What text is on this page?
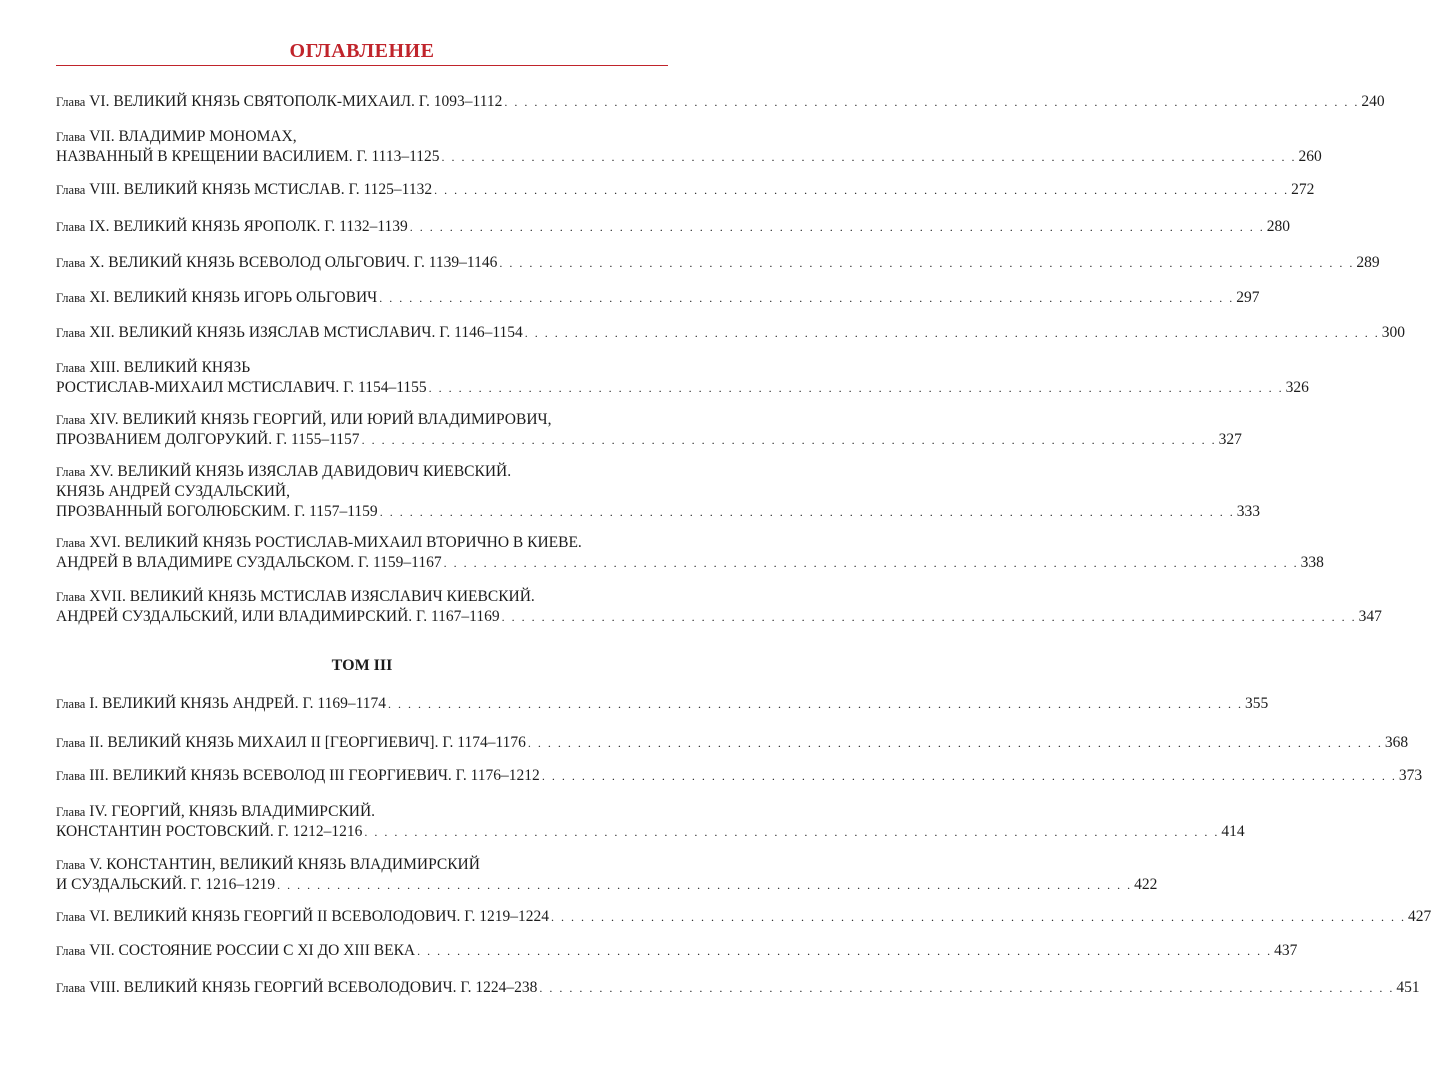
ОГЛАВЛЕНИЕ
Глава VI. ВЕЛИКИЙ КНЯЗЬ СВЯТОПОЛК-МИХАИЛ. Г. 1093–1112 . . . . . . . . . . . . . . . . . . . . . . . . . . . . . . . . . . . . . . . . . . . . . . . . . . . . . . . . . . . . . . . . . . . . . . . . . . . . . . . . . . . . . . 240
Глава VII. ВЛАДИМИР МОНОМАХ,
НАЗВАННЫЙ В КРЕЩЕНИИ ВАСИЛИЕМ. Г. 1113–1125 . . . . . . . . . . . . . . . . . . . . . . . . . . . . . . . . . . . . . . . . . . . . . . . . . . . . . . . . . . . . . . . . . . . . . . . . . . . . . . . . . . . . . . 260
Глава VIII. ВЕЛИКИЙ КНЯЗЬ МСТИСЛАВ. Г. 1125–1132 . . . . . . . . . . . . . . . . . . . . . . . . . . . . . . . . . . . . . . . . . . . . . . . . . . . . . . . . . . . . . . . . . . . . . . . . . . . . . . . . . . . . . . 272
Глава IX. ВЕЛИКИЙ КНЯЗЬ ЯРОПОЛК. Г. 1132–1139 . . . . . . . . . . . . . . . . . . . . . . . . . . . . . . . . . . . . . . . . . . . . . . . . . . . . . . . . . . . . . . . . . . . . . . . . . . . . . . . . . . . . . . 280
Глава X. ВЕЛИКИЙ КНЯЗЬ ВСЕВОЛОД ОЛЬГОВИЧ. Г. 1139–1146 . . . . . . . . . . . . . . . . . . . . . . . . . . . . . . . . . . . . . . . . . . . . . . . . . . . . . . . . . . . . . . . . . . . . . . . . . . . . . . . . . . . . . . 289
Глава XI. ВЕЛИКИЙ КНЯЗЬ ИГОРЬ ОЛЬГОВИЧ . . . . . . . . . . . . . . . . . . . . . . . . . . . . . . . . . . . . . . . . . . . . . . . . . . . . . . . . . . . . . . . . . . . . . . . . . . . . . . . . . . . . . . 297
Глава XII. ВЕЛИКИЙ КНЯЗЬ ИЗЯСЛАВ МСТИСЛАВИЧ. Г. 1146–1154 . . . . . . . . . . . . . . . . . . . . . . . . . . . . . . . . . . . . . . . . . . . . . . . . . . . . . . . . . . . . . . . . . . . . . . . . . . . . . . . . . . . . . . 300
Глава XIII. ВЕЛИКИЙ КНЯЗЬ
РОСТИСЛАВ-МИХАИЛ МСТИСЛАВИЧ. Г. 1154–1155 . . . . . . . . . . . . . . . . . . . . . . . . . . . . . . . . . . . . . . . . . . . . . . . . . . . . . . . . . . . . . . . . . . . . . . . . . . . . . . . . . . . . . . 326
Глава XIV. ВЕЛИКИЙ КНЯЗЬ ГЕОРГИЙ, ИЛИ ЮРИЙ ВЛАДИМИРОВИЧ,
ПРОЗВАНИЕМ ДОЛГОРУКИЙ. Г. 1155–1157 . . . . . . . . . . . . . . . . . . . . . . . . . . . . . . . . . . . . . . . . . . . . . . . . . . . . . . . . . . . . . . . . . . . . . . . . . . . . . . . . . . . . . . 327
Глава XV. ВЕЛИКИЙ КНЯЗЬ ИЗЯСЛАВ ДАВИДОВИЧ КИЕВСКИЙ.
КНЯЗЬ АНДРЕЙ СУЗДАЛЬСКИЙ,
ПРОЗВАННЫЙ БОГОЛЮБСКИМ. Г. 1157–1159 . . . . . . . . . . . . . . . . . . . . . . . . . . . . . . . . . . . . . . . . . . . . . . . . . . . . . . . . . . . . . . . . . . . . . . . . . . . . . . . . . . . . . . 333
Глава XVI. ВЕЛИКИЙ КНЯЗЬ РОСТИСЛАВ-МИХАИЛ ВТОРИЧНО В КИЕВЕ.
АНДРЕЙ В ВЛАДИМИРЕ СУЗДАЛЬСКОМ. Г. 1159–1167 . . . . . . . . . . . . . . . . . . . . . . . . . . . . . . . . . . . . . . . . . . . . . . . . . . . . . . . . . . . . . . . . . . . . . . . . . . . . . . . . . . . . . . 338
Глава XVII. ВЕЛИКИЙ КНЯЗЬ МСТИСЛАВ ИЗЯСЛАВИЧ КИЕВСКИЙ.
АНДРЕЙ СУЗДАЛЬСКИЙ, ИЛИ ВЛАДИМИРСКИЙ. Г. 1167–1169 . . . . . . . . . . . . . . . . . . . . . . . . . . . . . . . . . . . . . . . . . . . . . . . . . . . . . . . . . . . . . . . . . . . . . . . . . . . . . . . . . . . . . . 347
ТОМ III
Глава I. ВЕЛИКИЙ КНЯЗЬ АНДРЕЙ. Г. 1169–1174 . . . . . . . . . . . . . . . . . . . . . . . . . . . . . . . . . . . . . . . . . . . . . . . . . . . . . . . . . . . . . . . . . . . . . . . . . . . . . . . . . . . . . . 355
Глава II. ВЕЛИКИЙ КНЯЗЬ МИХАИЛ II [ГЕОРГИЕВИЧ]. Г. 1174–1176 . . . . . . . . . . . . . . . . . . . . . . . . . . . . . . . . . . . . . . . . . . . . . . . . . . . . . . . . . . . . . . . . . . . . . . . . . . . . . . . . . . . . . . 368
Глава III. ВЕЛИКИЙ КНЯЗЬ ВСЕВОЛОД III ГЕОРГИЕВИЧ. Г. 1176–1212 . . . . . . . . . . . . . . . . . . . . . . . . . . . . . . . . . . . . . . . . . . . . . . . . . . . . . . . . . . . . . . . . . . . . . . . . . . . . . . . . . . . . . . 373
Глава IV. ГЕОРГИЙ, КНЯЗЬ ВЛАДИМИРСКИЙ.
КОНСТАНТИН РОСТОВСКИЙ. Г. 1212–1216 . . . . . . . . . . . . . . . . . . . . . . . . . . . . . . . . . . . . . . . . . . . . . . . . . . . . . . . . . . . . . . . . . . . . . . . . . . . . . . . . . . . . . . 414
Глава V. КОНСТАНТИН, ВЕЛИКИЙ КНЯЗЬ ВЛАДИМИРСКИЙ
И СУЗДАЛЬСКИЙ. Г. 1216–1219 . . . . . . . . . . . . . . . . . . . . . . . . . . . . . . . . . . . . . . . . . . . . . . . . . . . . . . . . . . . . . . . . . . . . . . . . . . . . . . . . . . . . . . 422
Глава VI. ВЕЛИКИЙ КНЯЗЬ ГЕОРГИЙ II ВСЕВОЛОДОВИЧ. Г. 1219–1224 . . . . . . . . . . . . . . . . . . . . . . . . . . . . . . . . . . . . . . . . . . . . . . . . . . . . . . . . . . . . . . . . . . . . . . . . . . . . . . . . . . . . . . 427
Глава VII. СОСТОЯНИЕ РОССИИ С XI ДО XIII ВЕКА . . . . . . . . . . . . . . . . . . . . . . . . . . . . . . . . . . . . . . . . . . . . . . . . . . . . . . . . . . . . . . . . . . . . . . . . . . . . . . . . . . . . . . 437
Глава VIII. ВЕЛИКИЙ КНЯЗЬ ГЕОРГИЙ ВСЕВОЛОДОВИЧ. Г. 1224–238 . . . . . . . . . . . . . . . . . . . . . . . . . . . . . . . . . . . . . . . . . . . . . . . . . . . . . . . . . . . . . . . . . . . . . . . . . . . . . . . . . . . . . . 451
